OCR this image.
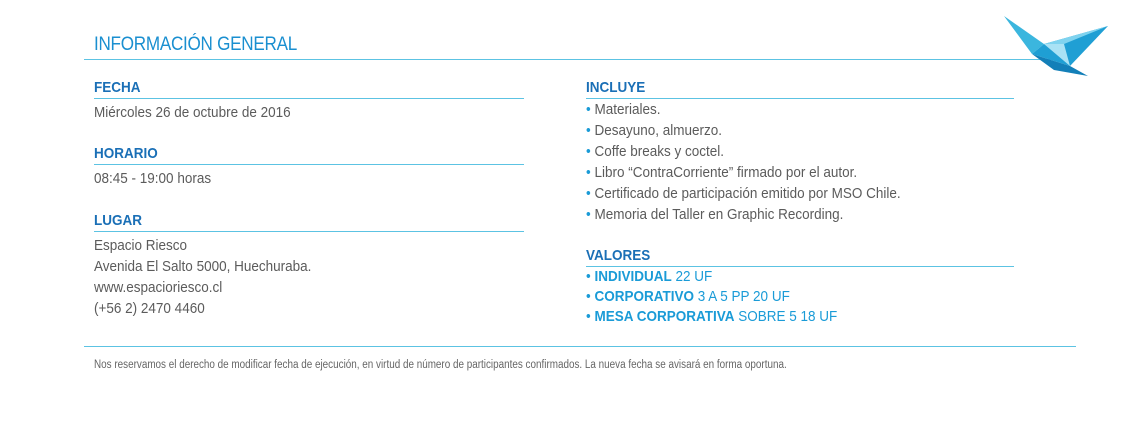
INFORMACIÓN GENERAL
FECHA
Miércoles 26 de octubre de 2016
HORARIO
08:45 - 19:00 horas
LUGAR
Espacio Riesco
Avenida El Salto 5000, Huechuraba.
www.espacioriesco.cl
(+56 2) 2470 4460
INCLUYE
• Materiales.
• Desayuno, almuerzo.
• Coffe breaks y coctel.
• Libro “ContraCorriente” firmado por el autor.
• Certificado de participación emitido por MSO Chile.
• Memoria del Taller en Graphic Recording.
VALORES
• INDIVIDUAL 22 UF
• CORPORATIVO 3 A 5 PP 20 UF
• MESA CORPORATIVA SOBRE 5 18 UF
Nos reservamos el derecho de modificar fecha de ejecución, en virtud de número de participantes confirmados. La nueva fecha se avisará en forma oportuna.
